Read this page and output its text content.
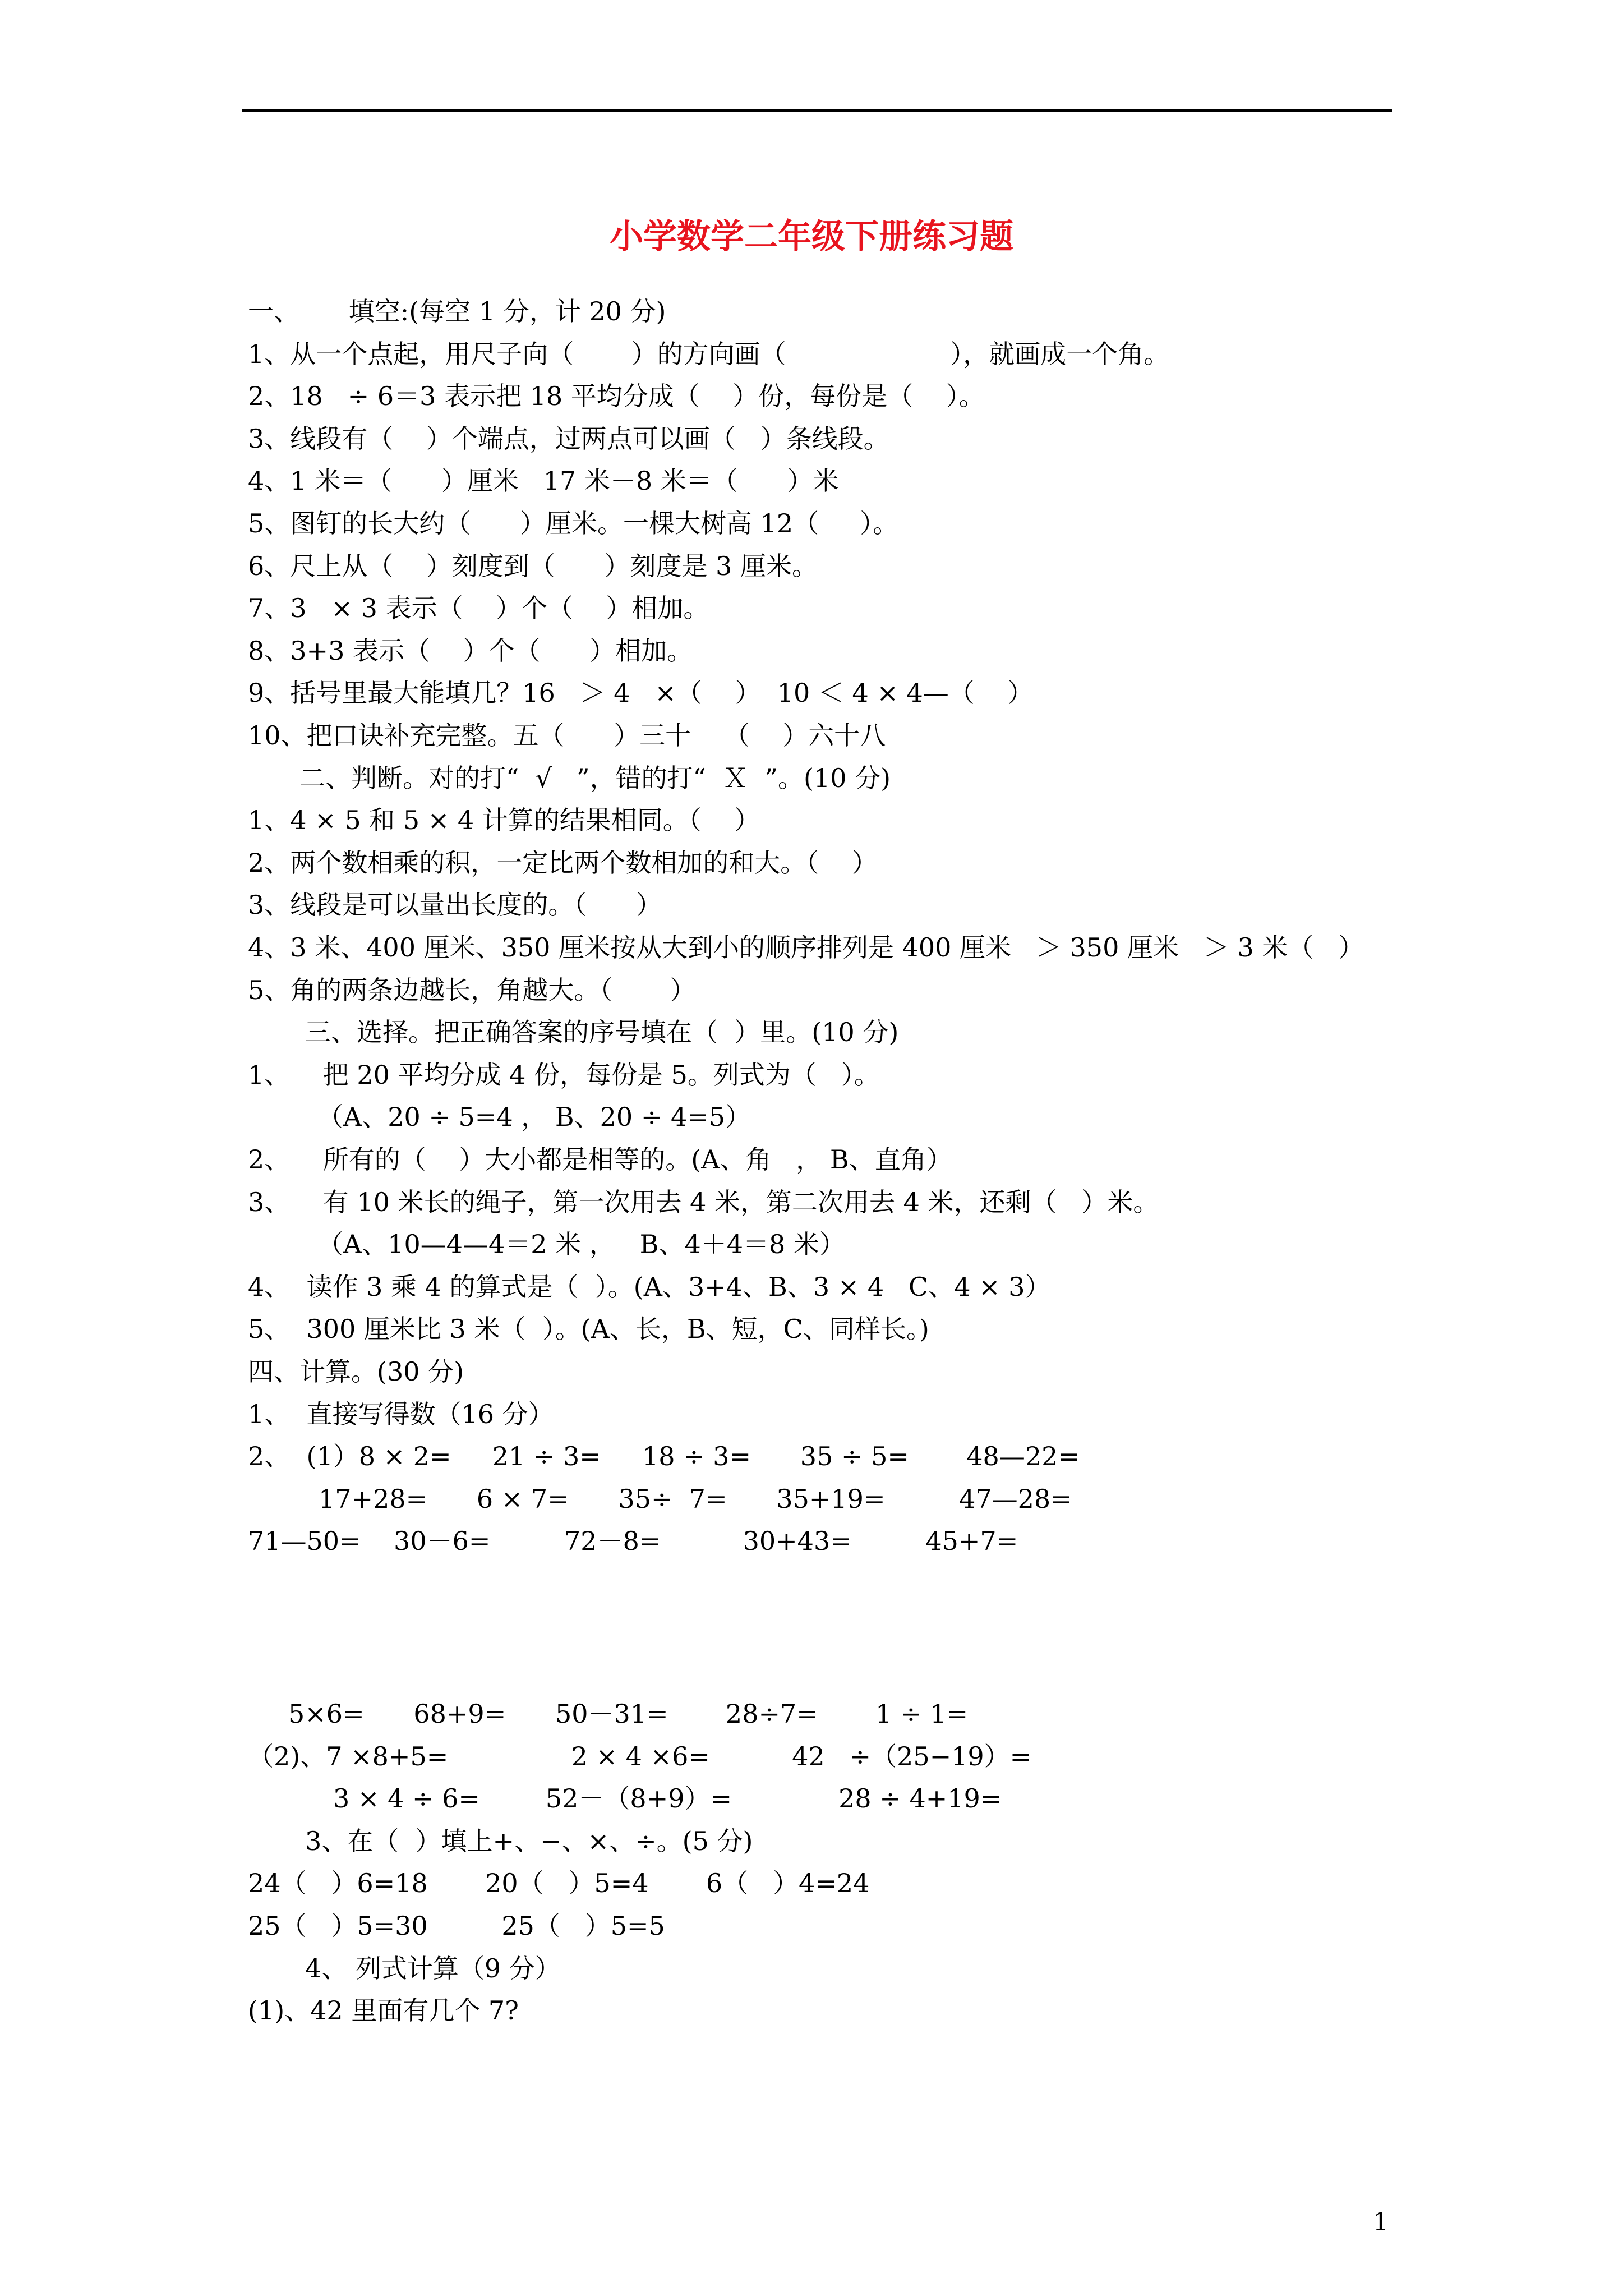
小学数学二年级下册练习题
一、      填空:(每空 1 分，计 20 分)
1、从一个点起，用尺子向（       ）的方向画（                    ），就画成一个角。
2、18   ÷ 6＝3 表示把 18 平均分成（    ）份，每份是（    ）。
3、线段有（    ）个端点，过两点可以画（   ）条线段。
4、1 米＝（      ）厘米   17 米－8 米＝（      ）米
5、图钉的长大约（      ）厘米。一棵大树高 12（     ）。
6、尺上从（    ）刻度到（      ）刻度是 3 厘米。
7、3   × 3 表示（    ）个（    ）相加。
8、3+3 表示（    ）个（      ）相加。
9、括号里最大能填几？16   ＞ 4   ×（    ）  10 ＜ 4 × 4—（    ）
10、把口诀补充完整。五（      ）三十    （    ）六十八
二、判断。对的打“  √   ”，错的打“  Ｘ  ”。(10 分)
1、4 × 5 和 5 × 4 计算的结果相同。（    ）
2、两个数相乘的积，一定比两个数相加的和大。（    ）
3、线段是可以量出长度的。（      ）
4、3 米、400 厘米、350 厘米按从大到小的顺序排列是 400 厘米   ＞ 350 厘米   ＞ 3 米（   ）
5、角的两条边越长，角越大。（       ）
三、选择。把正确答案的序号填在（  ）里。(10 分)
1、    把 20 平均分成 4 份，每份是 5。列式为（   ）。
（A、20 ÷ 5=4 ， B、20 ÷ 4=5）
2、    所有的（    ）大小都是相等的。(A、角   ， B、直角）
3、    有 10 米长的绳子，第一次用去 4 米，第二次用去 4 米，还剩（   ）米。
（A、10—4—4＝2 米 ，   B、4＋4＝8 米）
4、  读作 3 乘 4 的算式是（  ）。(A、3+4、B、3 × 4   C、4 × 3）
5、  300 厘米比 3 米（  ）。(A、长，B、短，C、同样长。)
四、计算。(30 分)
1、  直接写得数（16 分）
2、  (1）8 × 2=     21 ÷ 3=     18 ÷ 3=      35 ÷ 5=       48—22=
17+28=      6 × 7=      35÷  7=      35+19=         47—28=
71—50=    30－6=         72－8=          30+43=         45+7=
5×6=      68+9=      50－31=       28÷7=       1 ÷ 1=
（2)、7 ×8+5=               2 × 4 ×6=          42   ÷（25−19）=
3 × 4 ÷ 6=        52－（8+9）=             28 ÷ 4+19=
3、在（  ）填上+、−、×、÷。(5 分)
24（   ）6=18       20（   ）5=4       6（   ）4=24
25（   ）5=30         25（   ）5=5
4、 列式计算（9 分）
(1)、42 里面有几个 7?
1
